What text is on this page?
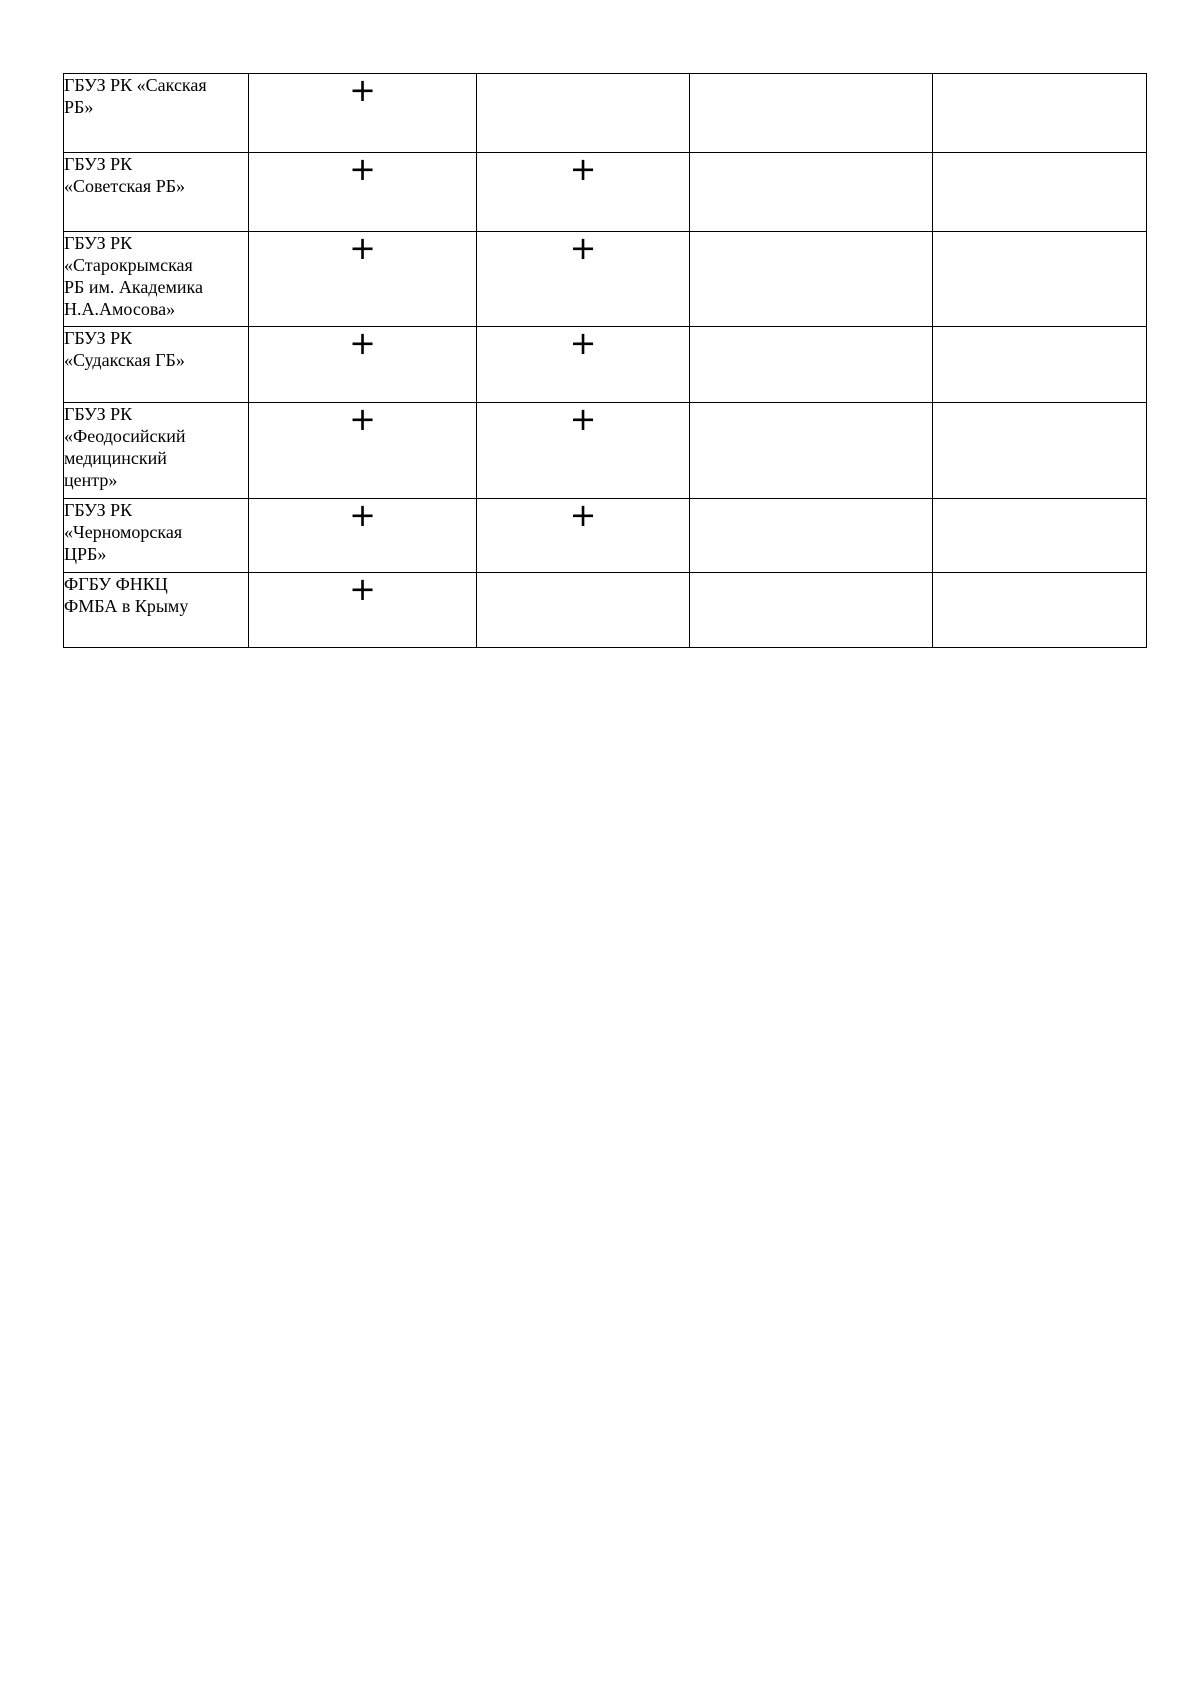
ГБУЗ РК «Сакская
РБ»	+			
ГБУЗ РК
«Советская РБ»	+	+		
ГБУЗ РК
«Старокрымская
РБ им. Академика
Н.А.Амосова»	+	+		
ГБУЗ РК
«Судакская ГБ»	+	+		
ГБУЗ РК
«Феодосийский
медицинский
центр»	+	+		
ГБУЗ РК
«Черноморская
ЦРБ»	+	+		
ФГБУ ФНКЦ
ФМБА в Крыму	+			
